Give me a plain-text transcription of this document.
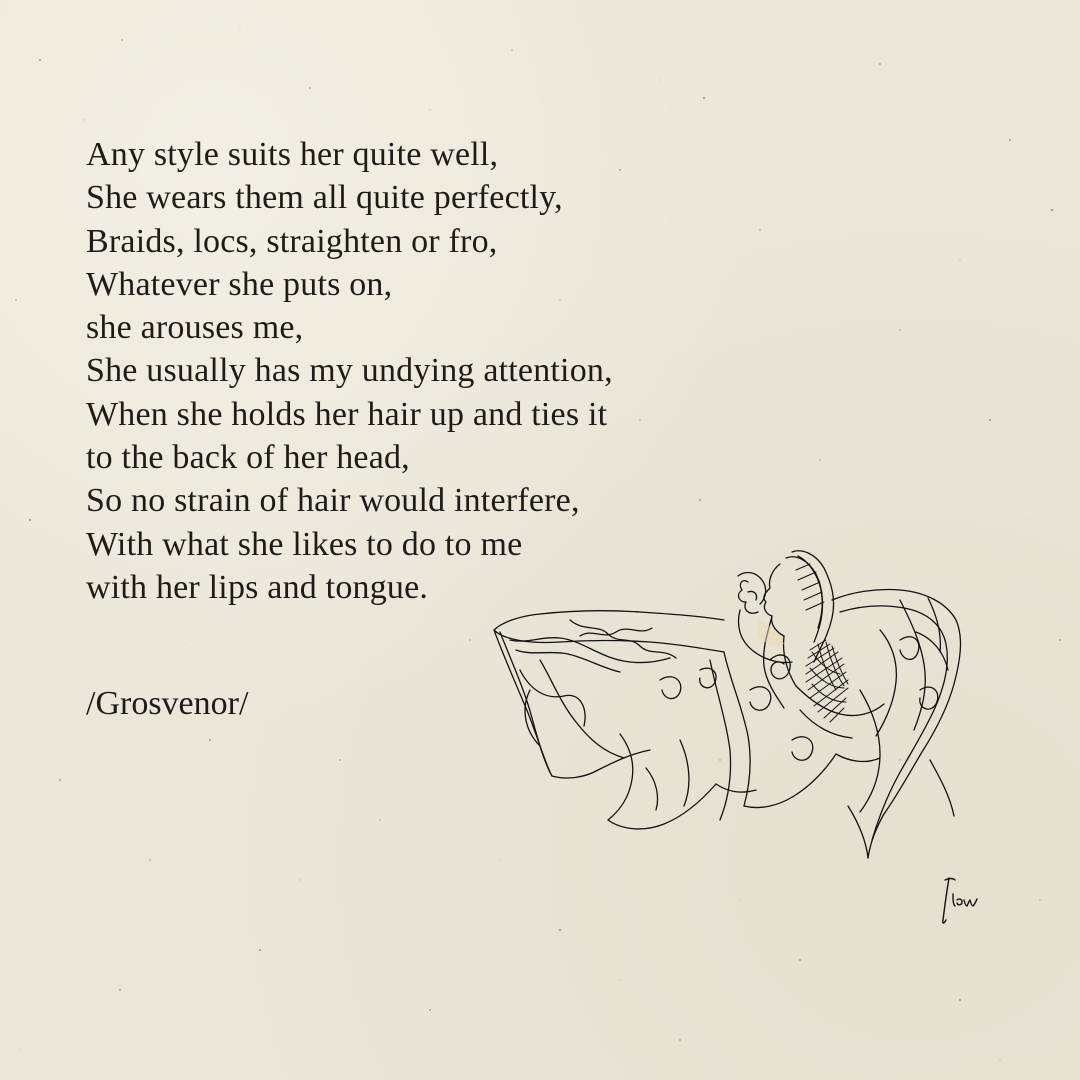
Any style suits her quite well,
She wears them all quite perfectly,
Braids, locs, straighten or fro,
Whatever she puts on,
she arouses me,
She usually has my undying attention,
When she holds her hair up and ties it
to the back of her head,
So no strain of hair would interfere,
With what she likes to do to me
with her lips and tongue.
/Grosvenor/
